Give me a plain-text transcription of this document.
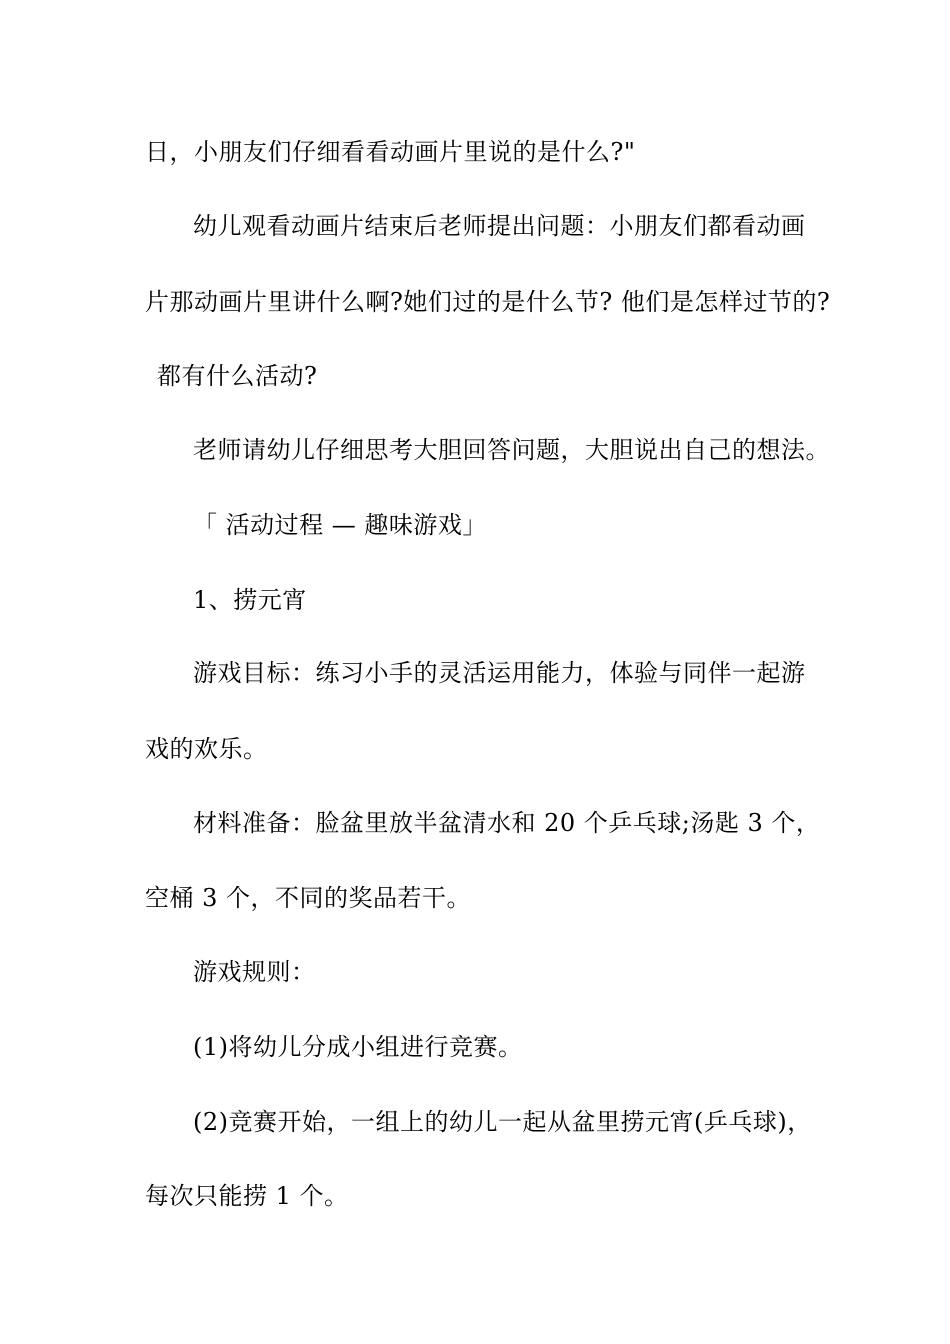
日，小朋友们仔细看看动画片里说的是什么?"
幼儿观看动画片结束后老师提出问题：小朋友们都看动画
片那动画片里讲什么啊?她们过的是什么节? 他们是怎样过节的?
都有什么活动?
老师请幼儿仔细思考大胆回答问题，大胆说出自己的想法。
「 活动过程 — 趣味游戏」
1、捞元宵
游戏目标：练习小手的灵活运用能力，体验与同伴一起游
戏的欢乐。
材料准备：脸盆里放半盆清水和 20 个乒乓球;汤匙 3 个，
空桶 3 个，不同的奖品若干。
游戏规则：
(1)将幼儿分成小组进行竞赛。
(2)竞赛开始，一组上的幼儿一起从盆里捞元宵(乒乓球)，
每次只能捞 1 个。
